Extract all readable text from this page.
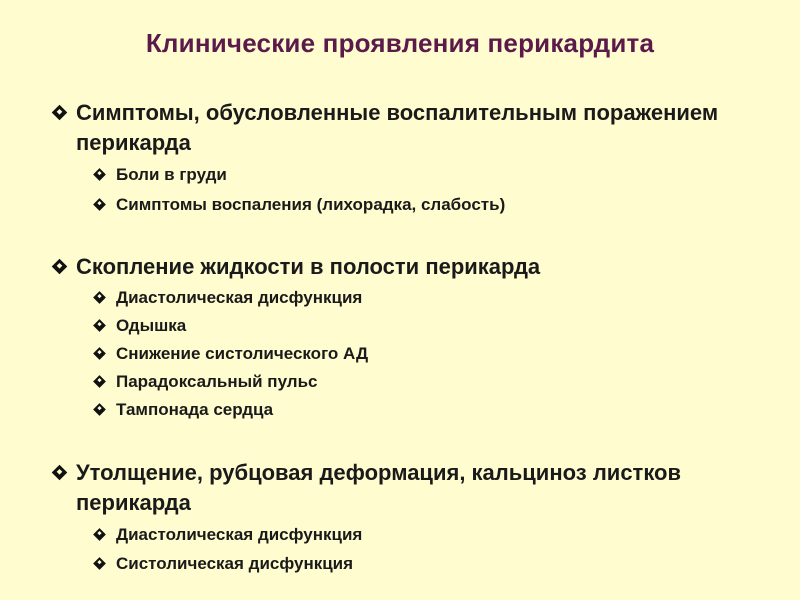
Клинические проявления перикардита
Симптомы, обусловленные воспалительным поражением перикарда
Боли в груди
Симптомы воспаления (лихорадка, слабость)
Скопление жидкости в полости перикарда
Диастолическая дисфункция
Одышка
Снижение систолического АД
Парадоксальный пульс
Тампонада сердца
Утолщение, рубцовая деформация, кальциноз листков перикарда
Диастолическая дисфункция
Систолическая дисфункция
